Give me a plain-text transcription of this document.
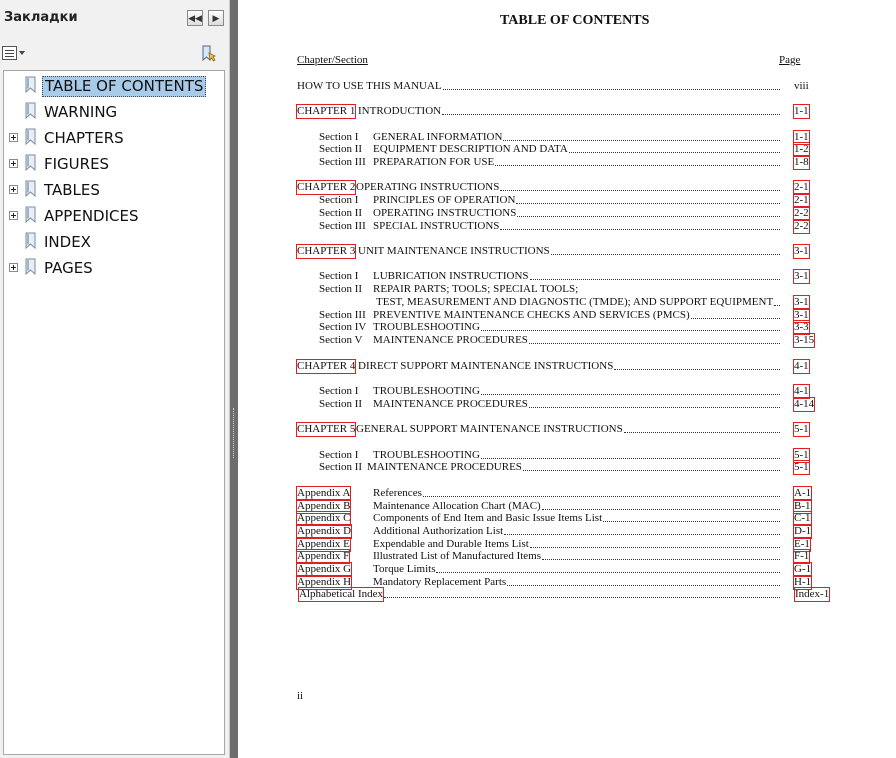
Закладки	◀◀	▶
TABLE OF CONTENTS
WARNING
CHAPTERS
FIGURES
TABLES
APPENDICES
INDEX
PAGES
TABLE OF CONTENTS
Chapter/Section	Page
HOW TO USE THIS MANUAL	viii
CHAPTER 1 INTRODUCTION	1-1
Section I GENERAL INFORMATION	1-1
Section II EQUIPMENT DESCRIPTION AND DATA	1-2
Section III PREPARATION FOR USE	1-8
CHAPTER 2 OPERATING INSTRUCTIONS	2-1
Section I PRINCIPLES OF OPERATION	2-1
Section II OPERATING INSTRUCTIONS	2-2
Section III SPECIAL INSTRUCTIONS	2-2
CHAPTER 3 UNIT MAINTENANCE INSTRUCTIONS	3-1
Section I LUBRICATION INSTRUCTIONS	3-1
Section II REPAIR PARTS; TOOLS; SPECIAL TOOLS;
TEST, MEASUREMENT AND DIAGNOSTIC (TMDE); AND SUPPORT EQUIPMENT 3-1
Section III PREVENTIVE MAINTENANCE CHECKS AND SERVICES (PMCS)	3-1
Section IV TROUBLESHOOTING	3-3
Section V MAINTENANCE PROCEDURES	3-15
CHAPTER 4 DIRECT SUPPORT MAINTENANCE INSTRUCTIONS	4-1
Section I TROUBLESHOOTING	4-1
Section II MAINTENANCE PROCEDURES	4-14
CHAPTER 5 GENERAL SUPPORT MAINTENANCE INSTRUCTIONS	5-1
Section I TROUBLESHOOTING	5-1
Section II MAINTENANCE PROCEDURES	5-1
Appendix A References	A-1
Appendix B Maintenance Allocation Chart (MAC)	B-1
Appendix C Components of End Item and Basic Issue Items List	C-1
Appendix D Additional Authorization List	D-1
Appendix E Expendable and Durable Items List	E-1
Appendix F Illustrated List of Manufactured Items	F-1
Appendix G Torque Limits	G-1
Appendix H Mandatory Replacement Parts	H-1
Alphabetical Index	Index-1
ii
